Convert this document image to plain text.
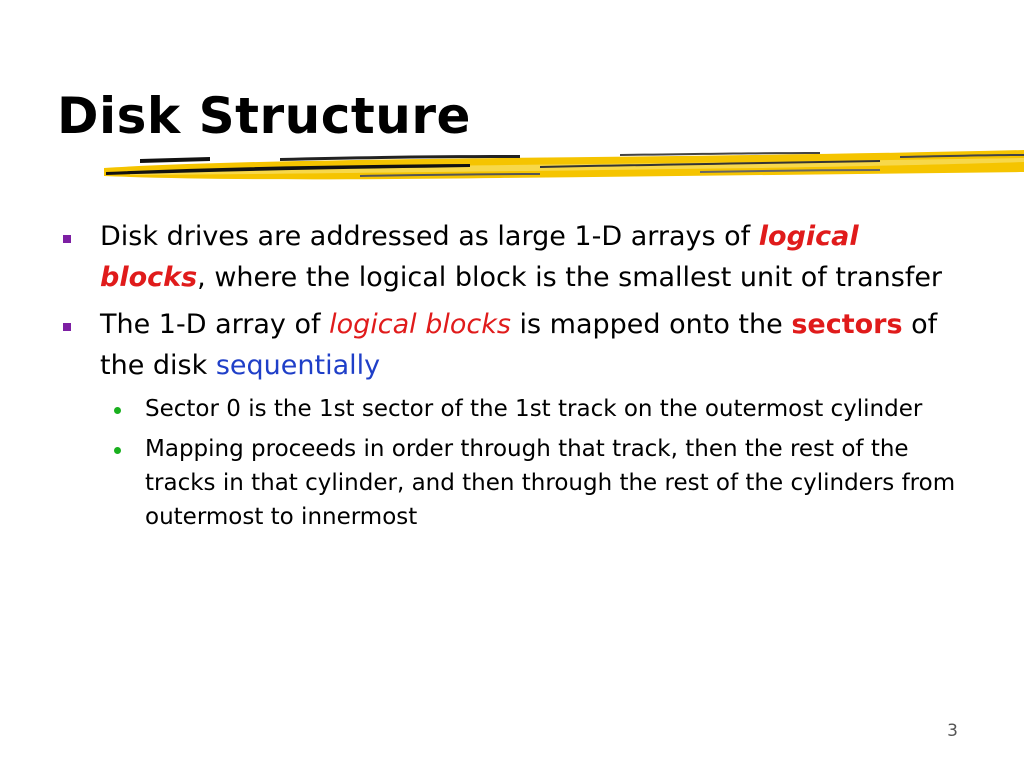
Disk Structure
Disk drives are addressed as large 1-D arrays of logical blocks, where the logical block is the smallest unit of transfer
The 1-D array of logical blocks is mapped onto the sectors of the disk sequentially
Sector 0 is the 1st sector of the 1st track on the outermost cylinder
Mapping proceeds in order through that track, then the rest of the tracks in that cylinder, and then through the rest of the cylinders from outermost to innermost
3
